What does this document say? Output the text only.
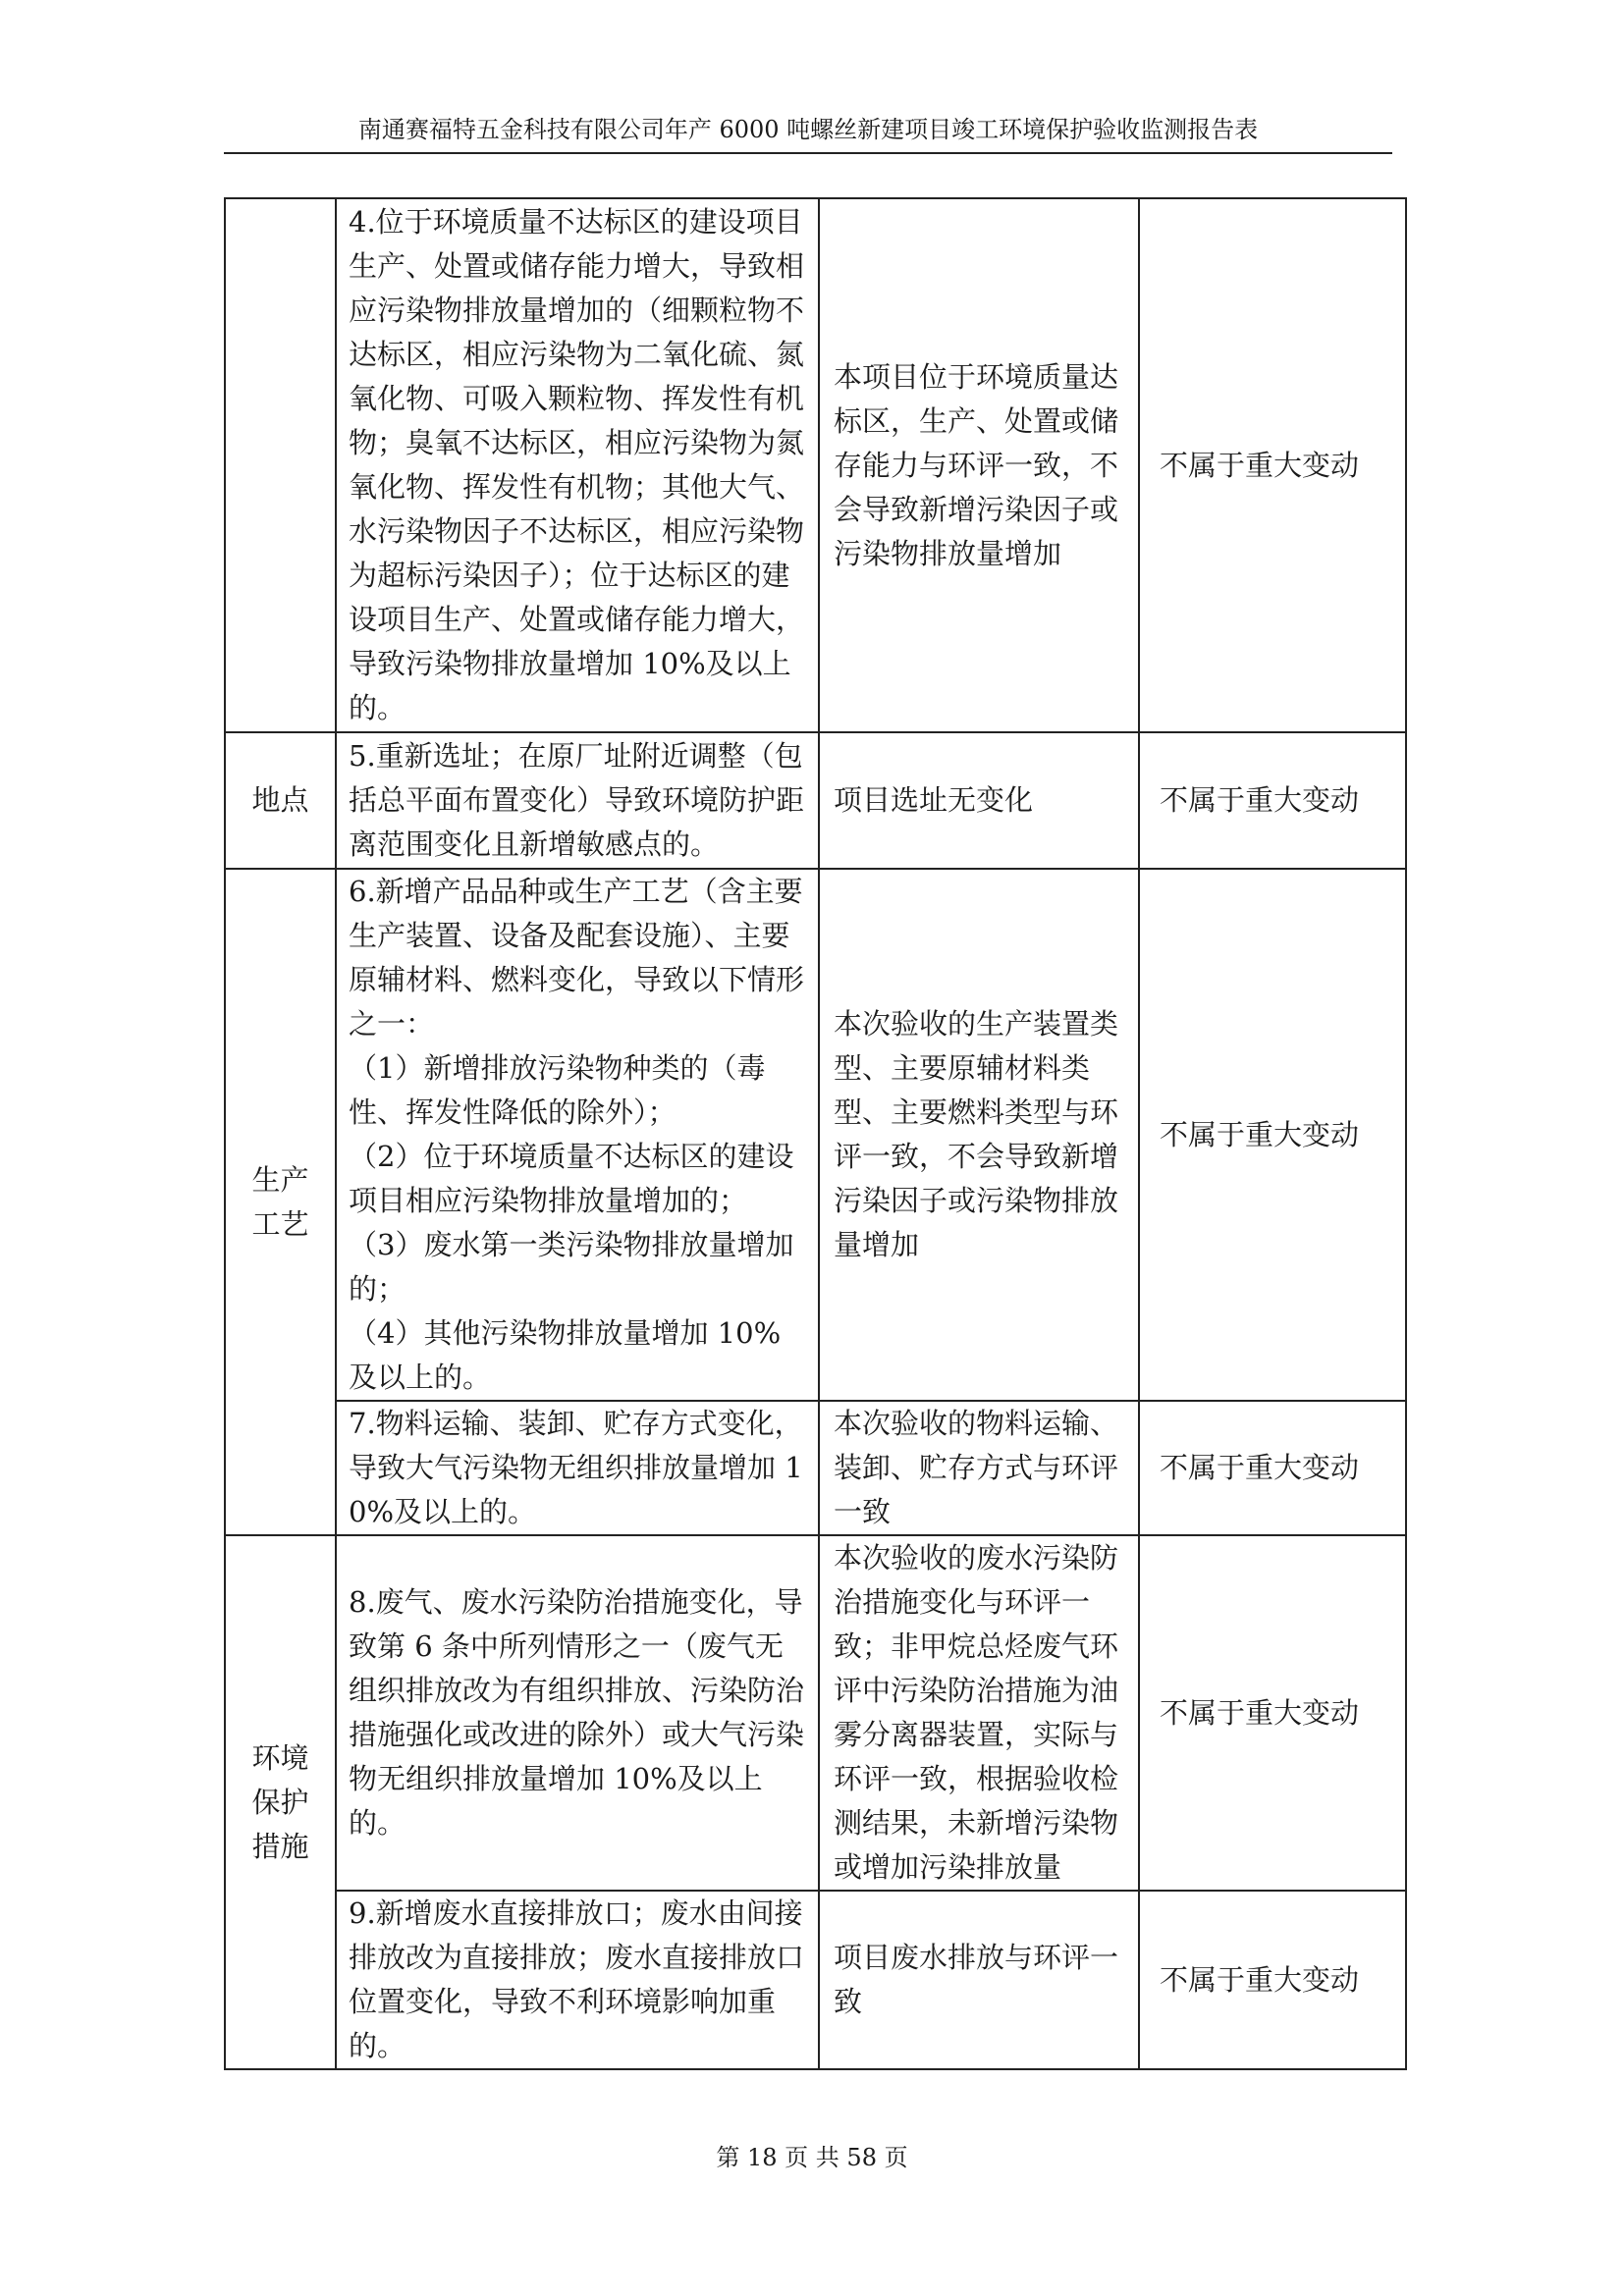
南通赛福特五金科技有限公司年产 6000 吨螺丝新建项目竣工环境保护验收监测报告表
	4.位于环境质量不达标区的建设项目生产、处置或储存能力增大，导致相应污染物排放量增加的（细颗粒物不达标区，相应污染物为二氧化硫、氮氧化物、可吸入颗粒物、挥发性有机物；臭氧不达标区，相应污染物为氮氧化物、挥发性有机物；其他大气、水污染物因子不达标区，相应污染物为超标污染因子）；位于达标区的建设项目生产、处置或储存能力增大，导致污染物排放量增加 10%及以上的。	本项目位于环境质量达标区，生产、处置或储存能力与环评一致，不会导致新增污染因子或污染物排放量增加	不属于重大变动
地点	5.重新选址；在原厂址附近调整（包括总平面布置变化）导致环境防护距离范围变化且新增敏感点的。	项目选址无变化	不属于重大变动
生产工艺	6.新增产品品种或生产工艺（含主要生产装置、设备及配套设施）、主要原辅材料、燃料变化，导致以下情形之一：
（1）新增排放污染物种类的（毒性、挥发性降低的除外）；
（2）位于环境质量不达标区的建设项目相应污染物排放量增加的；
（3）废水第一类污染物排放量增加的；
（4）其他污染物排放量增加 10%及以上的。	本次验收的生产装置类型、主要原辅材料类型、主要燃料类型与环评一致，不会导致新增污染因子或污染物排放量增加	不属于重大变动
	7.物料运输、装卸、贮存方式变化，导致大气污染物无组织排放量增加 10%及以上的。	本次验收的物料运输、装卸、贮存方式与环评一致	不属于重大变动
环境保护措施	8.废气、废水污染防治措施变化，导致第 6 条中所列情形之一（废气无组织排放改为有组织排放、污染防治措施强化或改进的除外）或大气污染物无组织排放量增加 10%及以上的。	本次验收的废水污染防治措施变化与环评一致；非甲烷总烃废气环评中污染防治措施为油雾分离器装置，实际与环评一致，根据验收检测结果，未新增污染物或增加污染排放量	不属于重大变动
	9.新增废水直接排放口；废水由间接排放改为直接排放；废水直接排放口位置变化，导致不利环境影响加重的。	项目废水排放与环评一致	不属于重大变动
第 18 页 共 58 页
